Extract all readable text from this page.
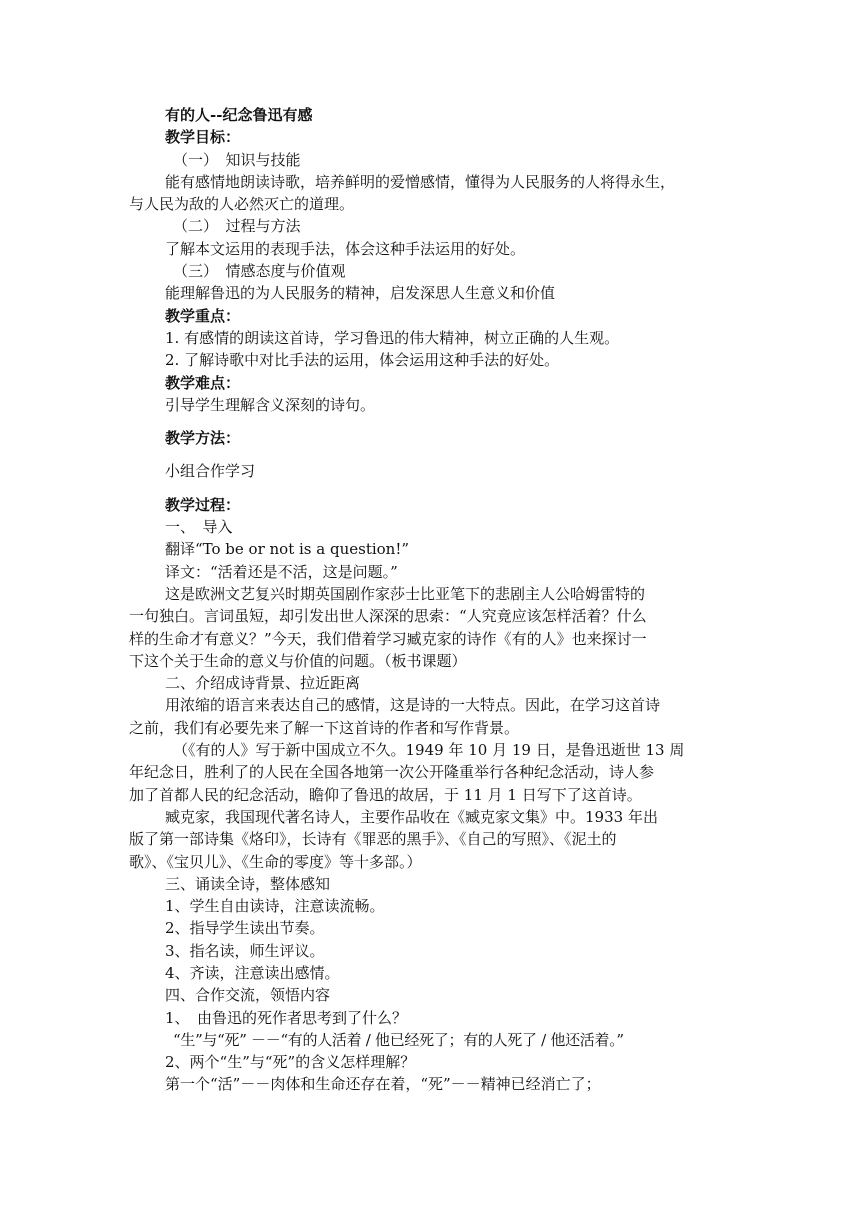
有的人--纪念鲁迅有感
教学目标：
（一）　知识与技能
能有感情地朗读诗歌，培养鲜明的爱憎感情，懂得为人民服务的人将得永生，
与人民为敌的人必然灭亡的道理。
（二）　过程与方法
了解本文运用的表现手法，体会这种手法运用的好处。
（三）　情感态度与价值观
能理解鲁迅的为人民服务的精神，启发深思人生意义和价值
教学重点：
1. 有感情的朗读这首诗，学习鲁迅的伟大精神，树立正确的人生观。
2. 了解诗歌中对比手法的运用，体会运用这种手法的好处。
教学难点：
引导学生理解含义深刻的诗句。
教学方法：
小组合作学习
教学过程：
一、　导入
翻译“To be or not is a question!”
译文：“活着还是不活，这是问题。”
这是欧洲文艺复兴时期英国剧作家莎士比亚笔下的悲剧主人公哈姆雷特的
一句独白。言词虽短，却引发出世人深深的思索：“人究竟应该怎样活着？什么
样的生命才有意义？”今天，我们借着学习臧克家的诗作《有的人》也来探讨一
下这个关于生命的意义与价值的问题。（板书课题）
二、介绍成诗背景、拉近距离
用浓缩的语言来表达自己的感情，这是诗的一大特点。因此，在学习这首诗
之前，我们有必要先来了解一下这首诗的作者和写作背景。
（《有的人》写于新中国成立不久。1949 年 10 月 19 日，是鲁迅逝世 13 周
年纪念日，胜利了的人民在全国各地第一次公开隆重举行各种纪念活动，诗人参
加了首都人民的纪念活动，瞻仰了鲁迅的故居，于 11 月 1 日写下了这首诗。
臧克家，我国现代著名诗人，主要作品收在《臧克家文集》中。1933 年出
版了第一部诗集《烙印》，长诗有《罪恶的黑手》、《自己的写照》、《泥土的
歌》、《宝贝儿》、《生命的零度》等十多部。）
三、诵读全诗，整体感知
1、学生自由读诗，注意读流畅。
2、指导学生读出节奏。
3、指名读，师生评议。
4、齐读，注意读出感情。
四、合作交流，领悟内容
1、　由鲁迅的死作者思考到了什么？
“生”与“死” －－“有的人活着 / 他已经死了；有的人死了 / 他还活着。”
2、两个“生”与“死”的含义怎样理解？
第一个“活”－－肉体和生命还存在着，“死”－－精神已经消亡了；
